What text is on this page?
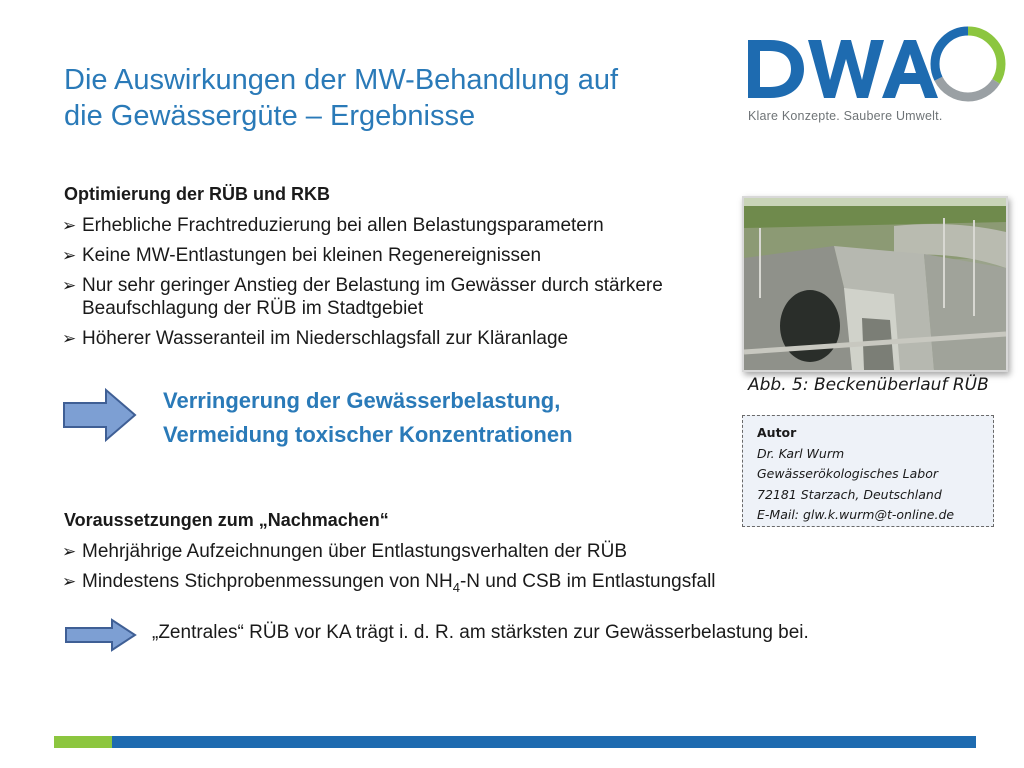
Die Auswirkungen der MW-Behandlung auf
die Gewässergüte – Ergebnisse	Klare Konzepte. Saubere Umwelt.
Optimierung der RÜB und RKB
➢ Erhebliche Frachtreduzierung bei allen Belastungsparametern
➢ Keine MW-Entlastungen bei kleinen Regenereignissen
➢ Nur sehr geringer Anstieg der Belastung im Gewässer durch stärkere Beaufschlagung der RÜB im Stadtgebiet
➢ Höherer Wasseranteil im Niederschlagsfall zur Kläranlage
Verringerung der Gewässerbelastung,
Vermeidung toxischer Konzentrationen
Voraussetzungen zum „Nachmachen“
➢ Mehrjährige Aufzeichnungen über Entlastungsverhalten der RÜB
➢ Mindestens Stichprobenmessungen von $NH_4-N$ und CSB im Entlastungsfall
„Zentrales“ RÜB vor KA trägt i. d. R. am stärksten zur Gewässerbelastung bei.
Abb. 5: Beckenüberlauf RÜB
Autor
Dr. Karl Wurm
Gewässerökologisches Labor
72181 Starzach, Deutschland
E-Mail: glw.k.wurm@t-online.de
